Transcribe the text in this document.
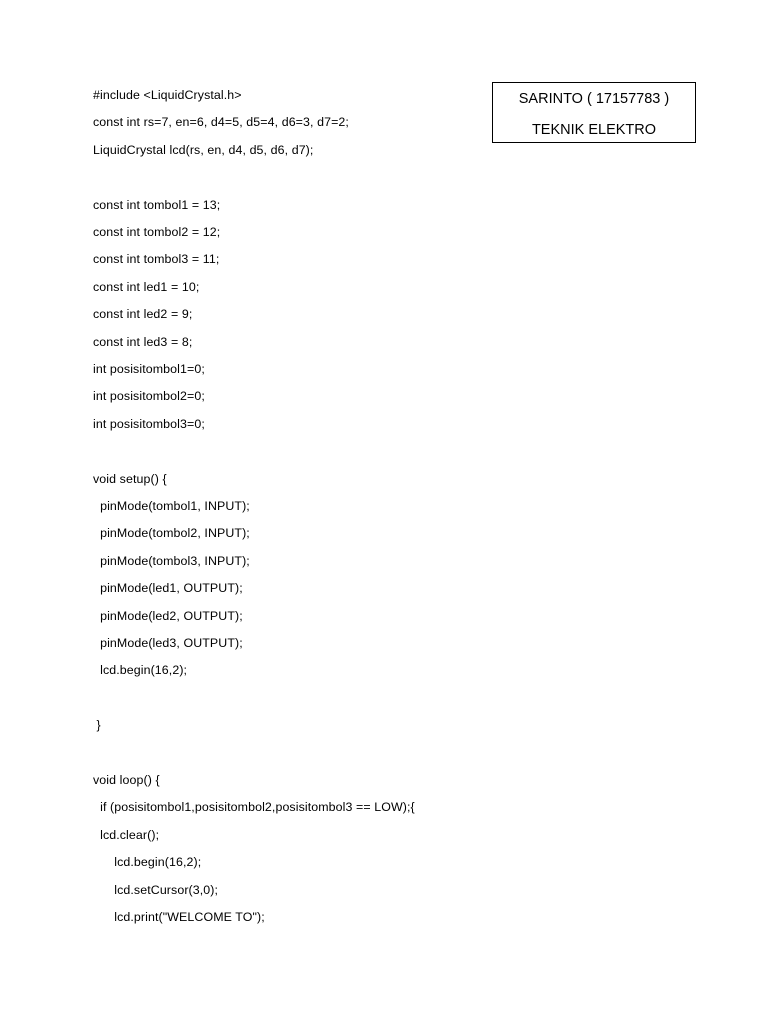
SARINTO ( 17157783 )
TEKNIK ELEKTRO
#include <LiquidCrystal.h>
const int rs=7, en=6, d4=5, d5=4, d6=3, d7=2;
LiquidCrystal lcd(rs, en, d4, d5, d6, d7);
const int tombol1 = 13;
const int tombol2 = 12;
const int tombol3 = 11;
const int led1 = 10;
const int led2 = 9;
const int led3 = 8;
int posisitombol1=0;
int posisitombol2=0;
int posisitombol3=0;
void setup() {
pinMode(tombol1, INPUT);
pinMode(tombol2, INPUT);
pinMode(tombol3, INPUT);
pinMode(led1, OUTPUT);
pinMode(led2, OUTPUT);
pinMode(led3, OUTPUT);
lcd.begin(16,2);
}
void loop() {
if (posisitombol1,posisitombol2,posisitombol3 == LOW);{
lcd.clear();
lcd.begin(16,2);
lcd.setCursor(3,0);
lcd.print("WELCOME TO");
